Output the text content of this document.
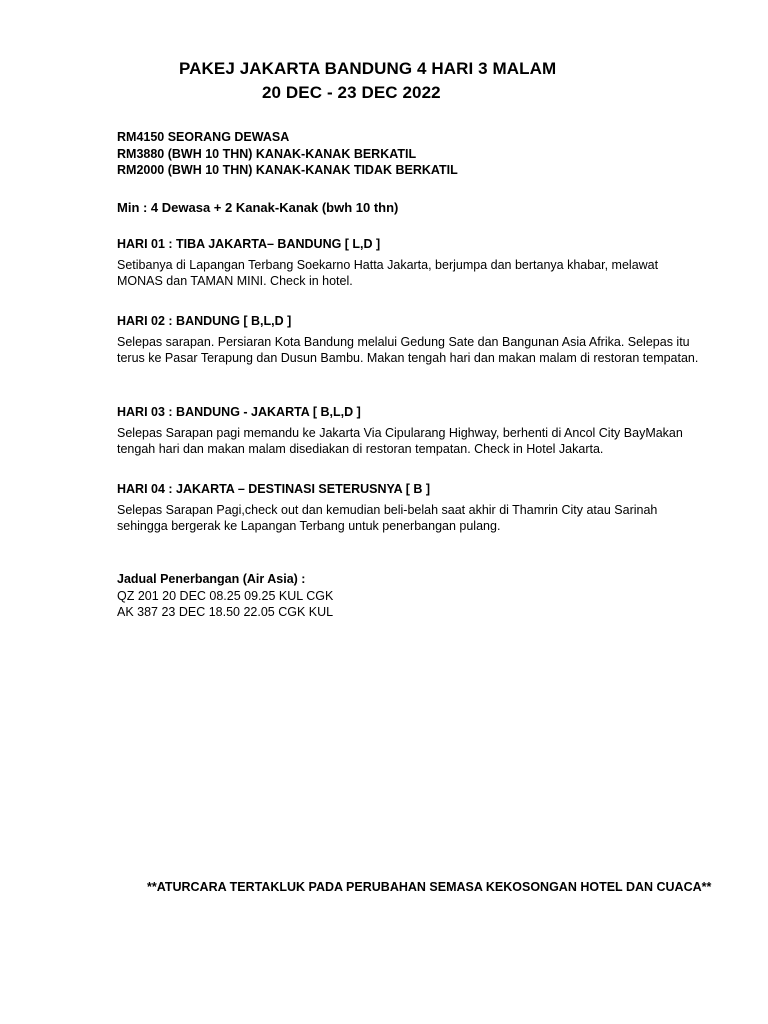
PAKEJ JAKARTA BANDUNG 4 HARI 3 MALAM
20 DEC - 23 DEC 2022
RM4150 SEORANG DEWASA
RM3880 (BWH 10 THN) KANAK-KANAK BERKATIL
RM2000 (BWH 10 THN) KANAK-KANAK TIDAK BERKATIL
Min : 4 Dewasa + 2 Kanak-Kanak (bwh 10 thn)
HARI 01 : TIBA JAKARTA– BANDUNG [ L,D ]
Setibanya di Lapangan Terbang Soekarno Hatta Jakarta, berjumpa dan bertanya khabar, melawat MONAS dan TAMAN MINI. Check in hotel.
HARI 02 : BANDUNG [ B,L,D ]
Selepas sarapan. Persiaran Kota Bandung melalui Gedung Sate dan Bangunan Asia Afrika. Selepas itu terus ke Pasar Terapung dan Dusun Bambu. Makan tengah hari dan makan malam di restoran tempatan.
HARI 03 : BANDUNG - JAKARTA [ B,L,D ]
Selepas Sarapan pagi memandu ke Jakarta Via Cipularang Highway, berhenti di Ancol City BayMakan tengah hari dan makan malam disediakan di restoran tempatan. Check in Hotel Jakarta.
HARI 04 : JAKARTA – DESTINASI SETERUSNYA [ B ]
Selepas Sarapan Pagi,check out dan kemudian beli-belah saat akhir di Thamrin City atau Sarinah sehingga bergerak ke Lapangan Terbang untuk penerbangan pulang.
Jadual Penerbangan (Air Asia) :
QZ 201 20 DEC 08.25 09.25 KUL CGK
AK 387 23 DEC 18.50 22.05 CGK KUL
**ATURCARA TERTAKLUK PADA PERUBAHAN SEMASA KEKOSONGAN HOTEL DAN CUACA**
